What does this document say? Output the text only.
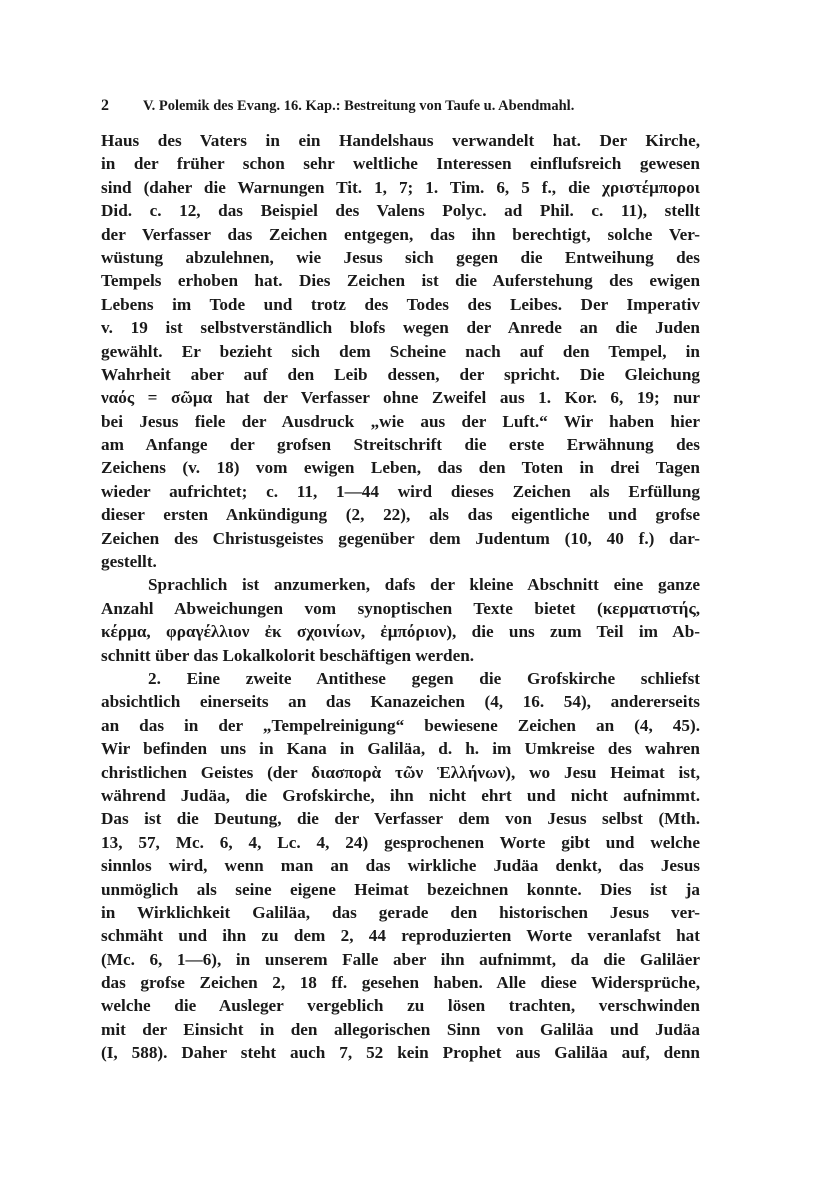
2 V. Polemik des Evang. 16. Kap.: Bestreitung von Taufe u. Abendmahl.
Haus des Vaters in ein Handelshaus verwandelt hat. Der Kirche,
in der früher schon sehr weltliche Interessen einflufsreich gewesen
sind (daher die Warnungen Tit. 1, 7; 1. Tim. 6, 5 f., die χριστέμποροι
Did. c. 12, das Beispiel des Valens Polyc. ad Phil. c. 11), stellt
der Verfasser das Zeichen entgegen, das ihn berechtigt, solche Ver-
wüstung abzulehnen, wie Jesus sich gegen die Entweihung des
Tempels erhoben hat. Dies Zeichen ist die Auferstehung des ewigen
Lebens im Tode und trotz des Todes des Leibes. Der Imperativ
v. 19 ist selbstverständlich blofs wegen der Anrede an die Juden
gewählt. Er bezieht sich dem Scheine nach auf den Tempel, in
Wahrheit aber auf den Leib dessen, der spricht. Die Gleichung
ναός = σῶμα hat der Verfasser ohne Zweifel aus 1. Kor. 6, 19; nur
bei Jesus fiele der Ausdruck „wie aus der Luft.“ Wir haben hier
am Anfange der grofsen Streitschrift die erste Erwähnung des
Zeichens (v. 18) vom ewigen Leben, das den Toten in drei Tagen
wieder aufrichtet; c. 11, 1—44 wird dieses Zeichen als Erfüllung
dieser ersten Ankündigung (2, 22), als das eigentliche und grofse
Zeichen des Christusgeistes gegenüber dem Judentum (10, 40 f.) dar-
gestellt.
Sprachlich ist anzumerken, dafs der kleine Abschnitt eine ganze
Anzahl Abweichungen vom synoptischen Texte bietet (κερματιστής,
κέρμα, φραγέλλιον ἐκ σχοινίων, ἐμπόριον), die uns zum Teil im Ab-
schnitt über das Lokalkolorit beschäftigen werden.
2. Eine zweite Antithese gegen die Grofskirche schliefst
absichtlich einerseits an das Kanazeichen (4, 16. 54), andererseits
an das in der „Tempelreinigung“ bewiesene Zeichen an (4, 45).
Wir befinden uns in Kana in Galiläa, d. h. im Umkreise des wahren
christlichen Geistes (der διασπορὰ τῶν Ἑλλήνων), wo Jesu Heimat ist,
während Judäa, die Grofskirche, ihn nicht ehrt und nicht aufnimmt.
Das ist die Deutung, die der Verfasser dem von Jesus selbst (Mth.
13, 57, Mc. 6, 4, Lc. 4, 24) gesprochenen Worte gibt und welche
sinnlos wird, wenn man an das wirkliche Judäa denkt, das Jesus
unmöglich als seine eigene Heimat bezeichnen konnte. Dies ist ja
in Wirklichkeit Galiläa, das gerade den historischen Jesus ver-
schmäht und ihn zu dem 2, 44 reproduzierten Worte veranlafst hat
(Mc. 6, 1—6), in unserem Falle aber ihn aufnimmt, da die Galiläer
das grofse Zeichen 2, 18 ff. gesehen haben. Alle diese Widersprüche,
welche die Ausleger vergeblich zu lösen trachten, verschwinden
mit der Einsicht in den allegorischen Sinn von Galiläa und Judäa
(I, 588). Daher steht auch 7, 52 kein Prophet aus Galiläa auf, denn
